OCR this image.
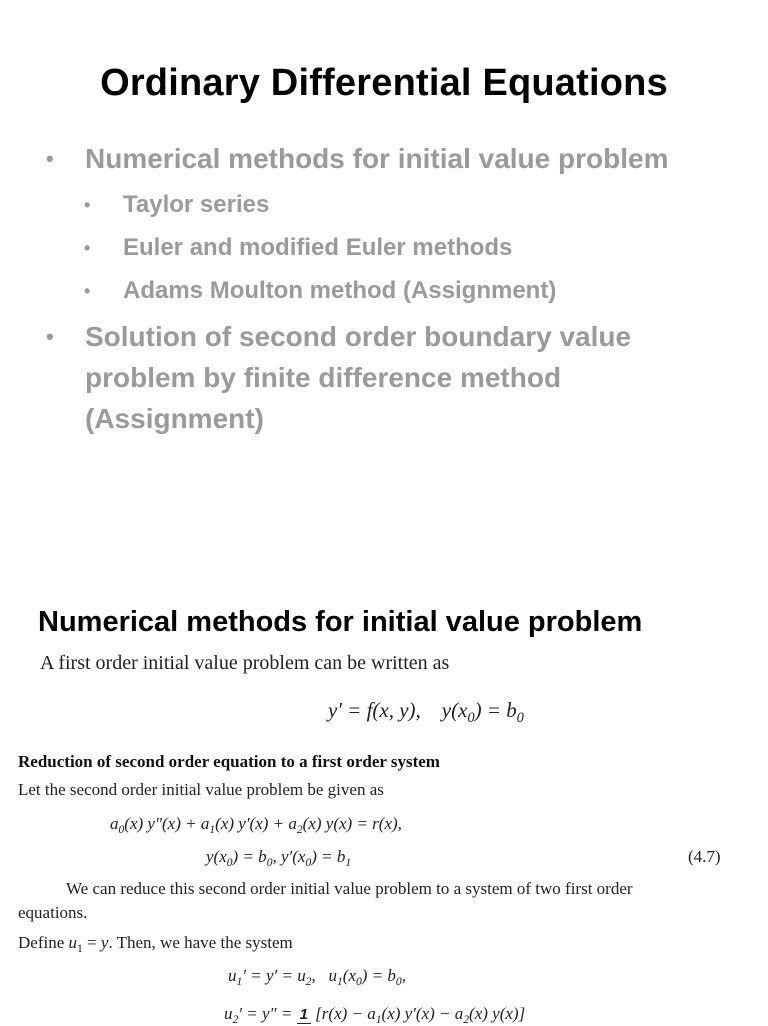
Ordinary Differential Equations
• Numerical methods for initial value problem
• Taylor series
• Euler and modified Euler methods
• Adams Moulton method (Assignment)
• Solution of second order boundary value
problem by finite difference method
(Assignment)
Numerical methods for initial value problem
A first order initial value problem can be written as
y′ = f(x, y),    $y(x_0) = b_0$
Reduction of second order equation to a first order system
Let the second order initial value problem be given as
$a_0(x) y''(x) + a_1(x) y'(x) + a_2(x) y(x) = r(x)$,
$y(x_0) = b_0$, $y'(x_0) = b_1$	(4.7)
We can reduce this second order initial value problem to a system of two first order
equations.
Define $u_1 = y$. Then, we have the system
$u_1' = y' = u_2$,   $u_1(x_0) = b_0$,
$u_2' = y'' = 1$ [$r(x) - a_1(x) y'(x) - a_2(x)$ y(x)]
